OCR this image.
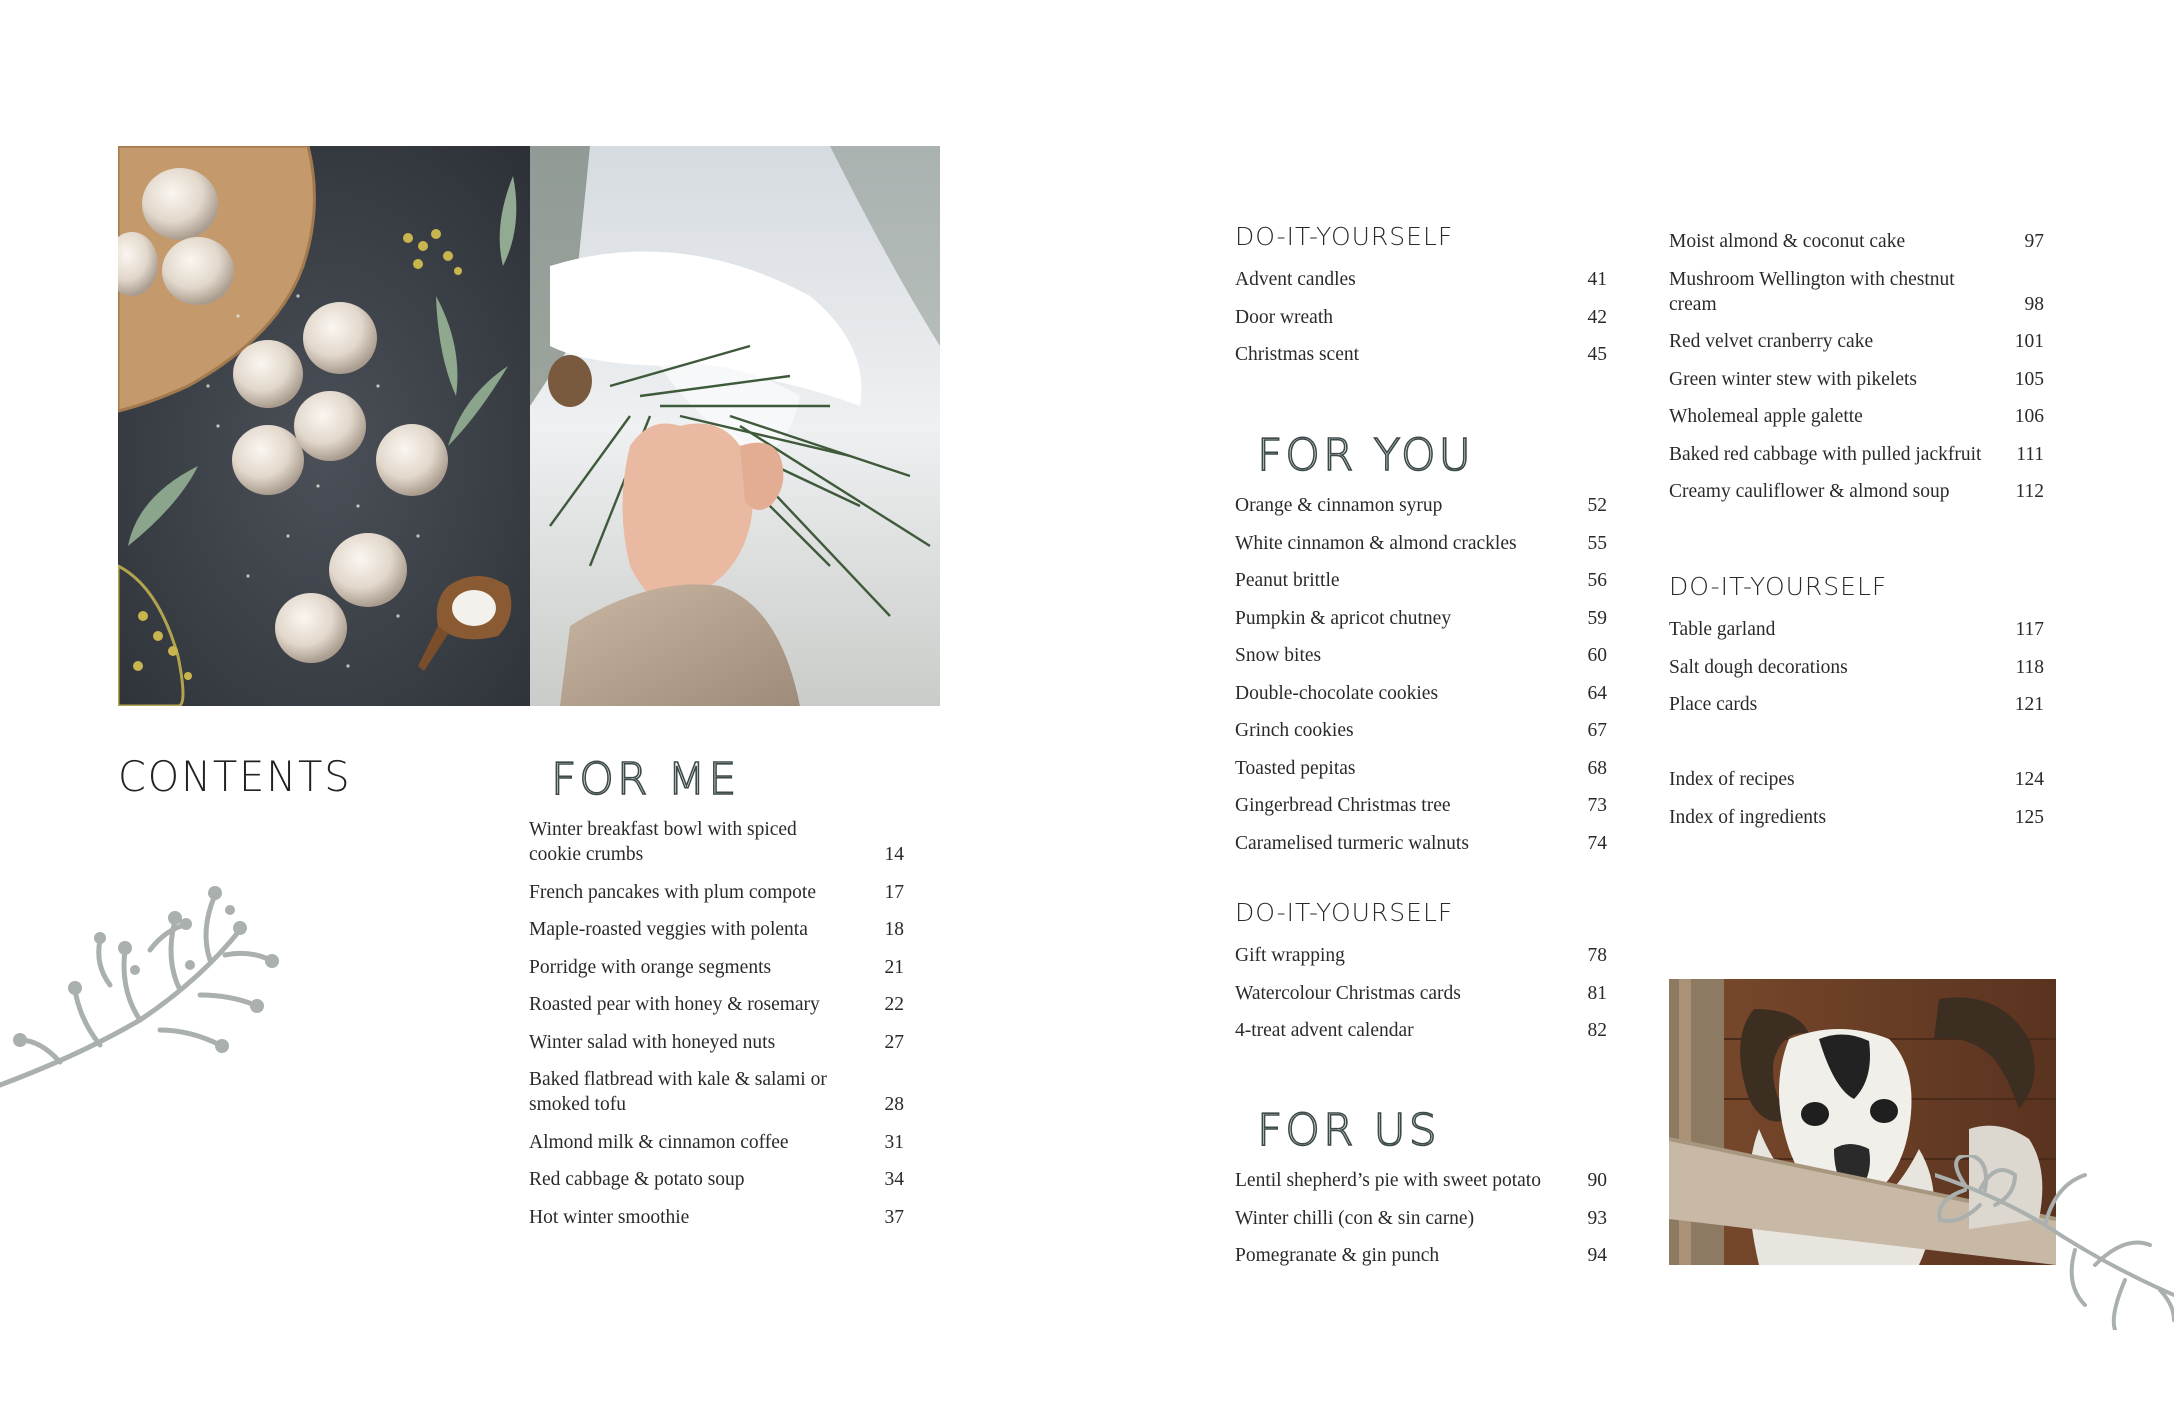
CONTENTS	FOR ME
Winter breakfast bowl with spiced cookie crumbs	14
French pancakes with plum compote	17
Maple-roasted veggies with polenta	18
Porridge with orange segments	21
Roasted pear with honey & rosemary	22
Winter salad with honeyed nuts	27
Baked flatbread with kale & salami or smoked tofu	28
Almond milk & cinnamon coffee	31
Red cabbage & potato soup	34
Hot winter smoothie	37
DO-IT-YOURSELF
Advent candles	41
Door wreath	42
Christmas scent	45
FOR YOU
Orange & cinnamon syrup	52
White cinnamon & almond crackles	55
Peanut brittle	56
Pumpkin & apricot chutney	59
Snow bites	60
Double-chocolate cookies	64
Grinch cookies	67
Toasted pepitas	68
Gingerbread Christmas tree	73
Caramelised turmeric walnuts	74
DO-IT-YOURSELF
Gift wrapping	78
Watercolour Christmas cards	81
4-treat advent calendar	82
FOR US
Lentil shepherd’s pie with sweet potato	90
Winter chilli (con & sin carne)	93
Pomegranate & gin punch	94
Moist almond & coconut cake	97
Mushroom Wellington with chestnut cream	98
Red velvet cranberry cake	101
Green winter stew with pikelets	105
Wholemeal apple galette	106
Baked red cabbage with pulled jackfruit	111
Creamy cauliflower & almond soup	112
DO-IT-YOURSELF
Table garland	117
Salt dough decorations	118
Place cards	121
Index of recipes	124
Index of ingredients	125
